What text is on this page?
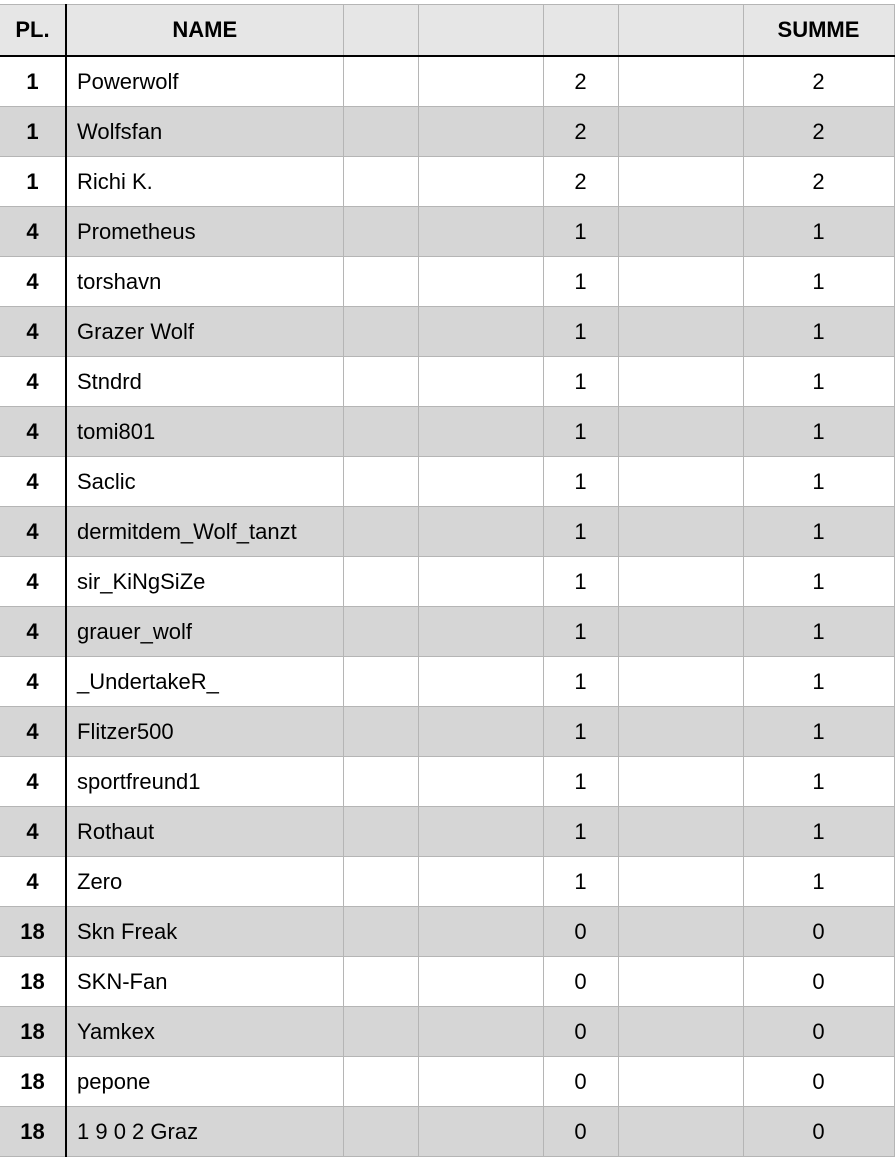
PL.	NAME					SUMME
1	Powerwolf			2		2
1	Wolfsfan			2		2
1	Richi K.			2		2
4	Prometheus			1		1
4	torshavn			1		1
4	Grazer Wolf			1		1
4	Stndrd			1		1
4	tomi801			1		1
4	Saclic			1		1
4	dermitdem_Wolf_tanzt			1		1
4	sir_KiNgSiZe			1		1
4	grauer_wolf			1		1
4	_UndertakeR_			1		1
4	Flitzer500			1		1
4	sportfreund1			1		1
4	Rothaut			1		1
4	Zero			1		1
18	Skn Freak			0		0
18	SKN-Fan			0		0
18	Yamkex			0		0
18	pepone			0		0
18	1 9 0 2 Graz			0		0
